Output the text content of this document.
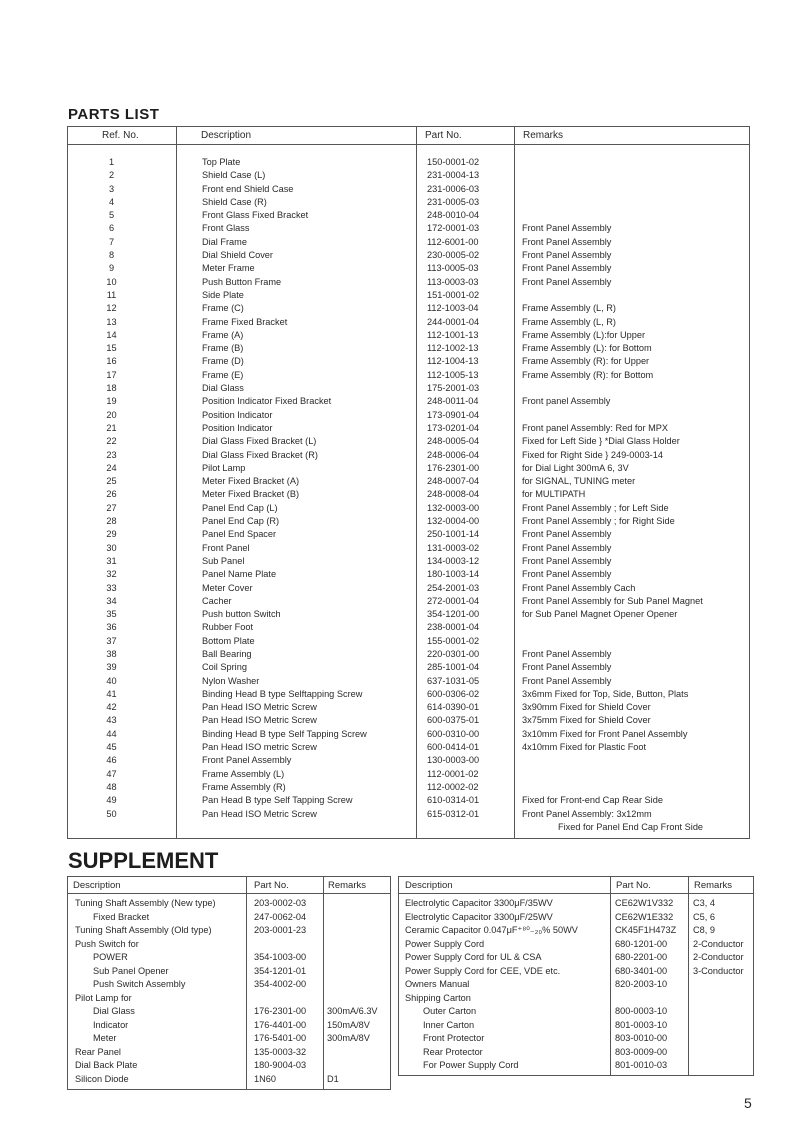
PARTS LIST
Ref. No.	Description	Part No.	Remarks
1	Top Plate	150-0001-02
2	Shield Case (L)	231-0004-13
3	Front end Shield Case	231-0006-03
4	Shield Case (R)	231-0005-03
5	Front Glass Fixed Bracket	248-0010-04
6	Front Glass	172-0001-03	Front Panel Assembly
7	Dial Frame	112-6001-00	Front Panel Assembly
8	Dial Shield Cover	230-0005-02	Front Panel Assembly
9	Meter Frame	113-0005-03	Front Panel Assembly
10	Push Button Frame	113-0003-03	Front Panel Assembly
11	Side Plate	151-0001-02
12	Frame (C)	112-1003-04	Frame Assembly (L, R)
13	Frame Fixed Bracket	244-0001-04	Frame Assembly (L, R)
14	Frame (A)	112-1001-13	Frame Assembly (L):for Upper
15	Frame (B)	112-1002-13	Frame Assembly (L): for Bottom
16	Frame (D)	112-1004-13	Frame Assembly (R): for Upper
17	Frame (E)	112-1005-13	Frame Assembly (R): for Bottom
18	Dial Glass	175-2001-03
19	Position Indicator Fixed Bracket	248-0011-04	Front panel Assembly
20	Position Indicator	173-0901-04
21	Position Indicator	173-0201-04	Front panel Assembly: Red for MPX
22	Dial Glass Fixed Bracket (L)	248-0005-04	Fixed for Left Side } *Dial Glass Holder
23	Dial Glass Fixed Bracket (R)	248-0006-04	Fixed for Right Side } 249-0003-14
24	Pilot Lamp	176-2301-00	for Dial Light 300mA 6, 3V
25	Meter Fixed Bracket (A)	248-0007-04	for SIGNAL, TUNING meter
26	Meter Fixed Bracket (B)	248-0008-04	for MULTIPATH
27	Panel End Cap (L)	132-0003-00	Front Panel Assembly ; for Left Side
28	Panel End Cap (R)	132-0004-00	Front Panel Assembly ; for Right Side
29	Panel End Spacer	250-1001-14	Front Panel Assembly
30	Front Panel	131-0003-02	Front Panel Assembly
31	Sub Panel	134-0003-12	Front Panel Assembly
32	Panel Name Plate	180-1003-14	Front Panel Assembly
33	Meter Cover	254-2001-03	Front Panel Assembly Cach
34	Cacher	272-0001-04	Front Panel Assembly for Sub Panel Magnet
35	Push button Switch	354-1201-00	for Sub Panel Magnet Opener Opener
36	Rubber Foot	238-0001-04
37	Bottom Plate	155-0001-02
38	Ball Bearing	220-0301-00	Front Panel Assembly
39	Coil Spring	285-1001-04	Front Panel Assembly
40	Nylon Washer	637-1031-05	Front Panel Assembly
41	Binding Head B type Selftapping Screw	600-0306-02	3x6mm Fixed for Top, Side, Button, Plats
42	Pan Head ISO Metric Screw	614-0390-01	3x90mm Fixed for Shield Cover
43	Pan Head ISO Metric Screw	600-0375-01	3x75mm Fixed for Shield Cover
44	Binding Head B type Self Tapping Screw	600-0310-00	3x10mm Fixed for Front Panel Assembly
45	Pan Head ISO metric Screw	600-0414-01	4x10mm Fixed for Plastic Foot
46	Front Panel Assembly	130-0003-00
47	Frame Assembly (L)	112-0001-02
48	Frame Assembly (R)	112-0002-02
49	Pan Head B type Self Tapping Screw	610-0314-01	Fixed for Front-end Cap Rear Side
50	Pan Head ISO Metric Screw	615-0312-01	Front Panel Assembly: 3x12mm
Fixed for Panel End Cap Front Side
SUPPLEMENT
Description	Part No.	Remarks
Tuning Shaft Assembly (New type)	203-0002-03
Fixed Bracket	247-0062-04
Tuning Shaft Assembly (Old type)	203-0001-23
Push Switch for
POWER	354-1003-00
Sub Panel Opener	354-1201-01
Push Switch Assembly	354-4002-00
Pilot Lamp for
Dial Glass	176-2301-00 300mA/6.3V
Indicator	176-4401-00 150mA/8V
Meter	176-5401-00 300mA/8V
Rear Panel	135-0003-32
Dial Back Plate	180-9004-03
Silicon Diode	1N60	D1
Description	Part No.	Remarks
Electrolytic Capacitor 3300μF/35WV	CE62W1V332 C3, 4
Electrolytic Capacitor 3300μF/25WV	CE62W1E332 C5, 6
Ceramic Capacitor 0.047μF⁺⁸⁰₋₂₀% 50WV	CK45F1H473Z C8, 9
Power Supply Cord	680-1201-00	2-Conductor
Power Supply Cord for UL & CSA	680-2201-00	2-Conductor
Power Supply Cord for CEE, VDE etc.	680-3401-00	3-Conductor
Owners Manual	820-2003-10
Shipping Carton
Outer Carton	800-0003-10
Inner Carton	801-0003-10
Front Protector	803-0010-00
Rear Protector	803-0009-00
For Power Supply Cord	801-0010-03
5
